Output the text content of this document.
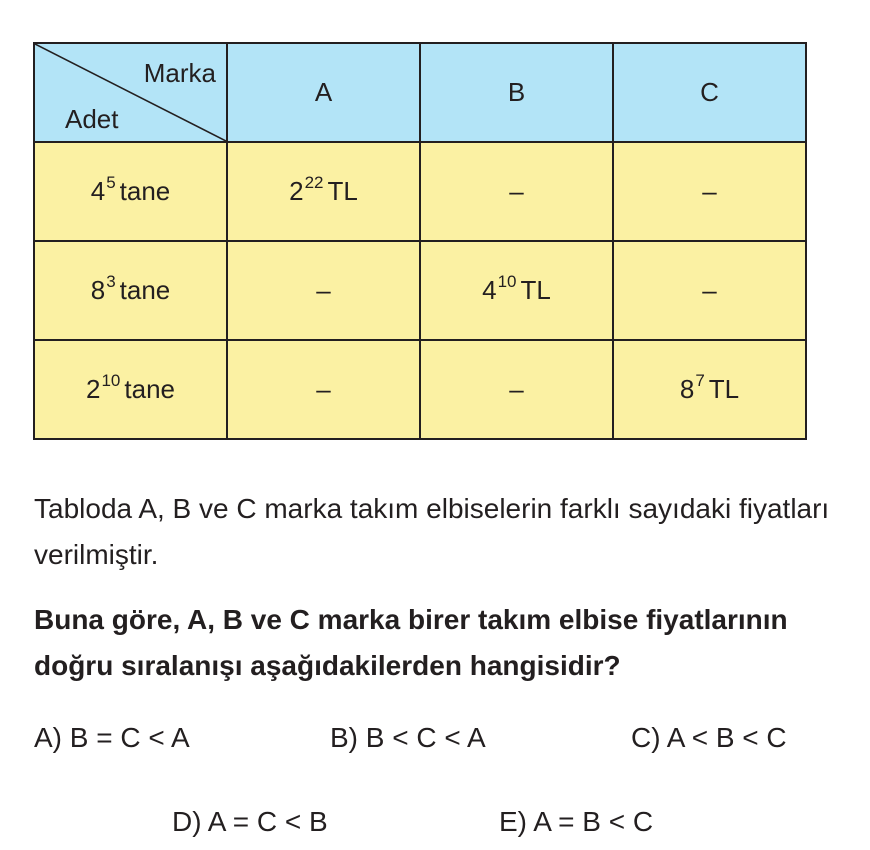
Marka
Adet	A	B	C
$4^5$ tane	$2^{22}$ TL	–	–
$8^3$ tane	–	$4^{10}$ TL	–
$2^{10}$ tane	–	–	$8^7$ TL

Tabloda A, B ve C marka takım elbiselerin farklı sayıdaki fiyatları verilmiştir.

Buna göre, A, B ve C marka birer takım elbise fiyatlarının doğru sıralanışı aşağıdakilerden hangisidir?

A) B = C < A	B) B < C < A	C) A < B < C
D) A = C < B	E) A = B < C
